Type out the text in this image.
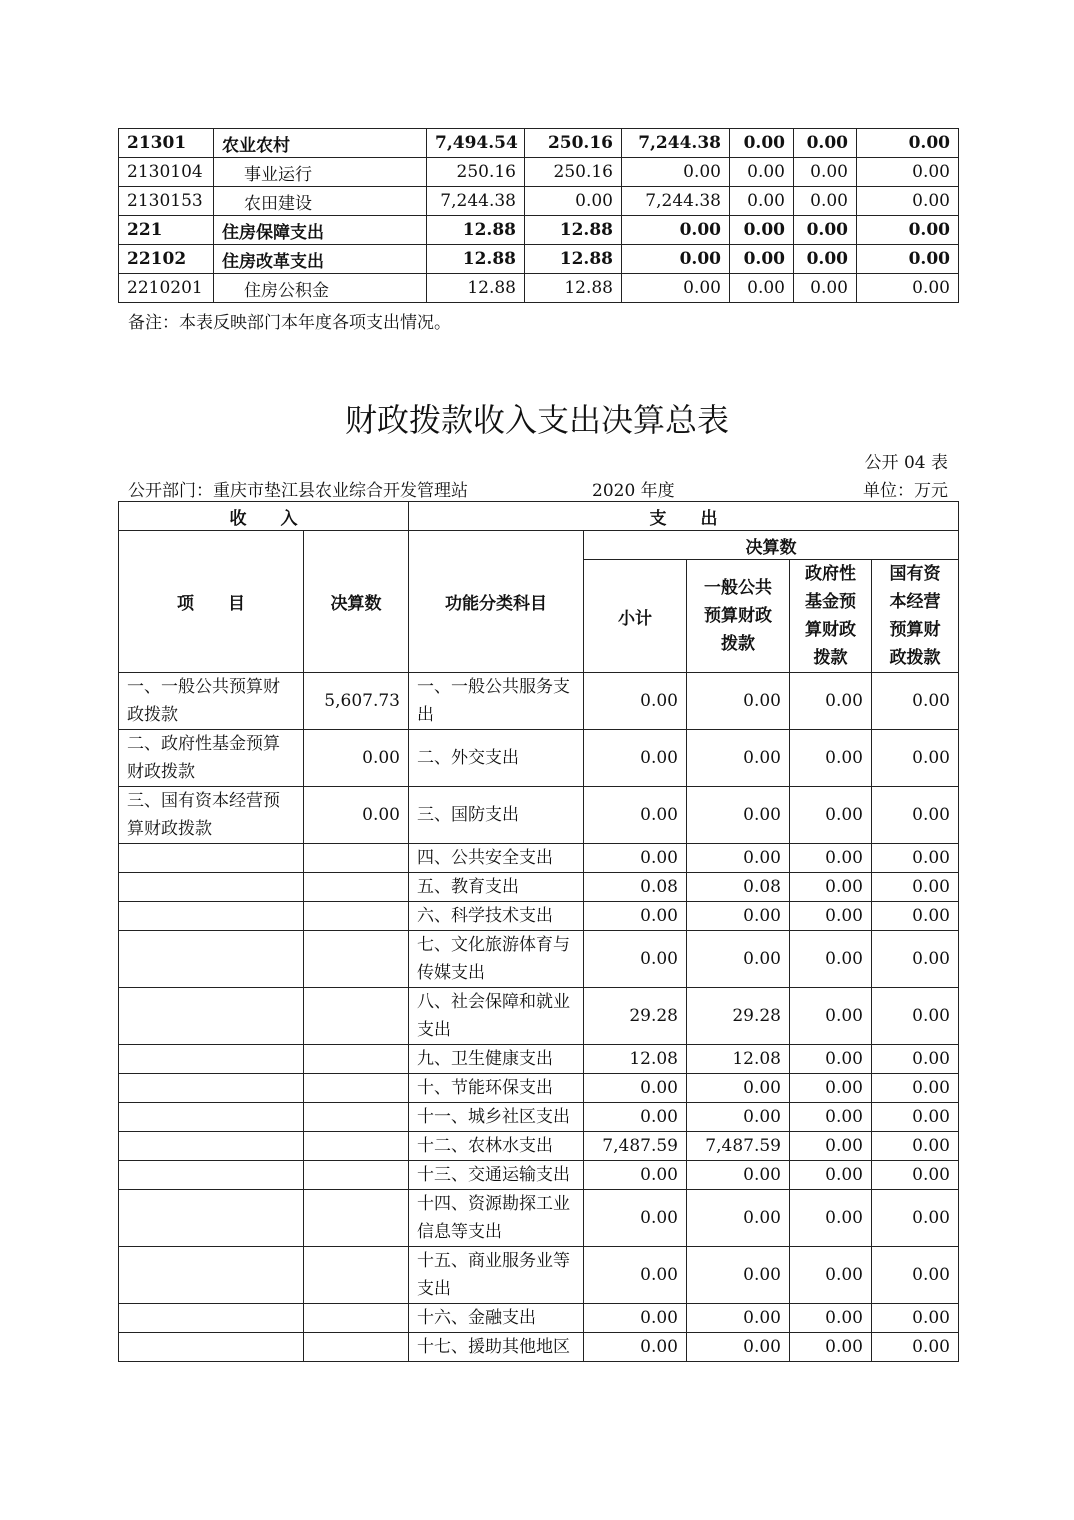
21301	农业农村	7,494.54	250.16	7,244.38	0.00	0.00	0.00
2130104	事业运行	250.16	250.16	0.00	0.00	0.00	0.00
2130153	农田建设	7,244.38	0.00	7,244.38	0.00	0.00	0.00
221	住房保障支出	12.88	12.88	0.00	0.00	0.00	0.00
22102	住房改革支出	12.88	12.88	0.00	0.00	0.00	0.00
2210201	住房公积金	12.88	12.88	0.00	0.00	0.00	0.00
备注：本表反映部门本年度各项支出情况。
财政拨款收入支出决算总表
公开 04 表
公开部门：重庆市垫江县农业综合开发管理站	2020 年度	单位：万元
收　　入		支　　出				
项　　目	决算数	功能分类科目	决算数			
			小计	一般公共预算财政拨款	政府性基金预算财政拨款	国有资本经营预算财政拨款
一、一般公共预算财政拨款	5,607.73	一、一般公共服务支出	0.00	0.00	0.00	0.00
二、政府性基金预算财政拨款	0.00	二、外交支出	0.00	0.00	0.00	0.00
三、国有资本经营预算财政拨款	0.00	三、国防支出	0.00	0.00	0.00	0.00
		四、公共安全支出	0.00	0.00	0.00	0.00
		五、教育支出	0.08	0.08	0.00	0.00
		六、科学技术支出	0.00	0.00	0.00	0.00
		七、文化旅游体育与传媒支出	0.00	0.00	0.00	0.00
		八、社会保障和就业支出	29.28	29.28	0.00	0.00
		九、卫生健康支出	12.08	12.08	0.00	0.00
		十、节能环保支出	0.00	0.00	0.00	0.00
		十一、城乡社区支出	0.00	0.00	0.00	0.00
		十二、农林水支出	7,487.59	7,487.59	0.00	0.00
		十三、交通运输支出	0.00	0.00	0.00	0.00
		十四、资源勘探工业信息等支出	0.00	0.00	0.00	0.00
		十五、商业服务业等支出	0.00	0.00	0.00	0.00
		十六、金融支出	0.00	0.00	0.00	0.00
		十七、援助其他地区	0.00	0.00	0.00	0.00
